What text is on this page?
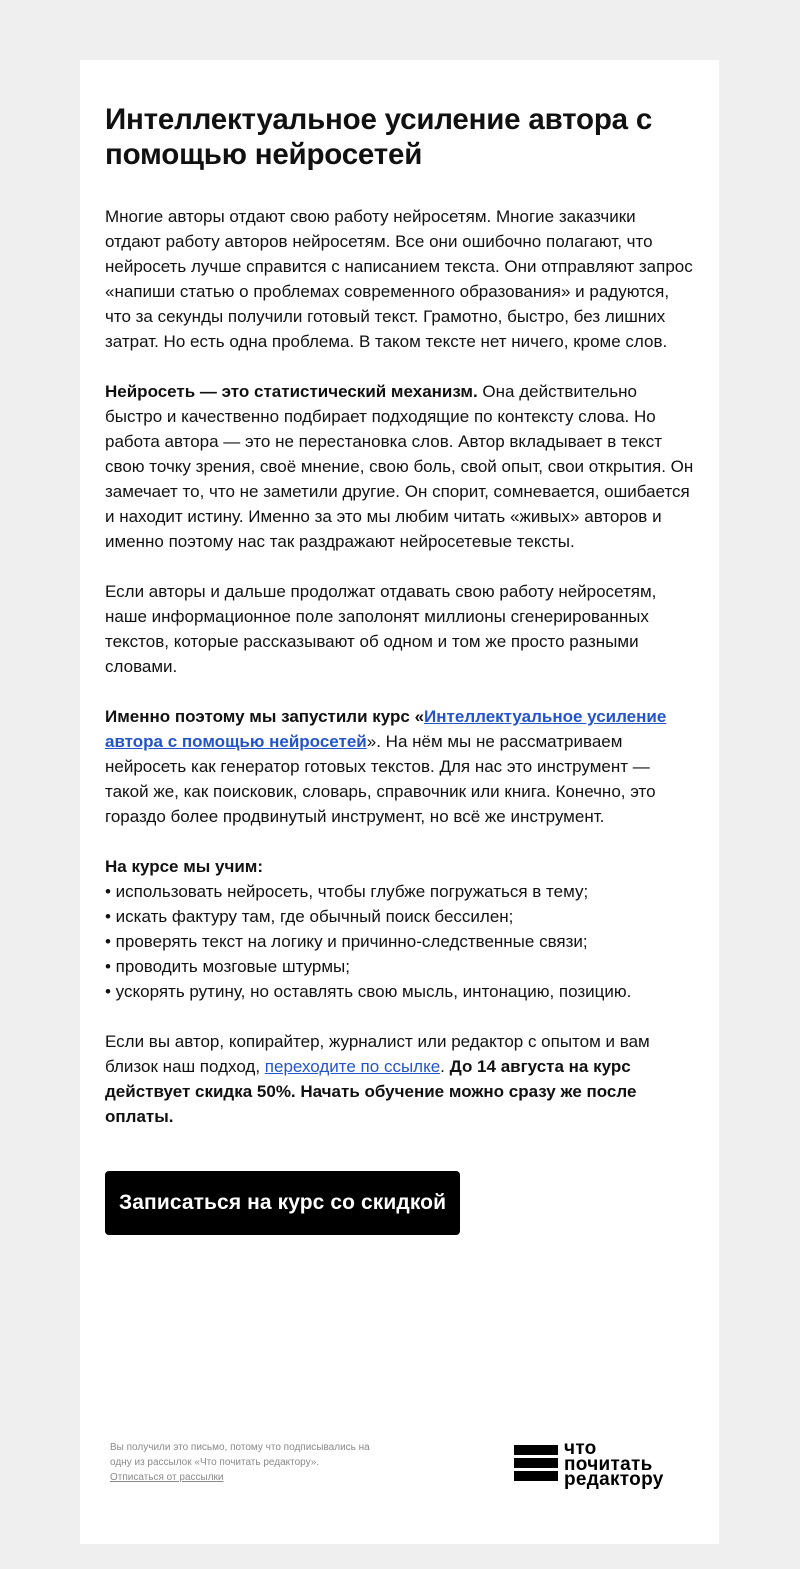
Интеллектуальное усиление автора с помощью нейросетей

Многие авторы отдают свою работу нейросетям. Многие заказчики отдают работу авторов нейросетям. Все они ошибочно полагают, что нейросеть лучше справится с написанием текста. Они отправляют запрос «напиши статью о проблемах современного образования» и радуются, что за секунды получили готовый текст. Грамотно, быстро, без лишних затрат. Но есть одна проблема. В таком тексте нет ничего, кроме слов.

Нейросеть — это статистический механизм. Она действительно быстро и качественно подбирает подходящие по контексту слова. Но работа автора — это не перестановка слов. Автор вкладывает в текст свою точку зрения, своё мнение, свою боль, свой опыт, свои открытия. Он замечает то, что не заметили другие. Он спорит, сомневается, ошибается и находит истину. Именно за это мы любим читать «живых» авторов и именно поэтому нас так раздражают нейросетевые тексты.

Если авторы и дальше продолжат отдавать свою работу нейросетям, наше информационное поле заполонят миллионы сгенерированных текстов, которые рассказывают об одном и том же просто разными словами.

Именно поэтому мы запустили курс «Интеллектуальное усиление автора с помощью нейросетей». На нём мы не рассматриваем нейросеть как генератор готовых текстов. Для нас это инструмент — такой же, как поисковик, словарь, справочник или книга. Конечно, это гораздо более продвинутый инструмент, но всё же инструмент.

На курсе мы учим:
• использовать нейросеть, чтобы глубже погружаться в тему;
• искать фактуру там, где обычный поиск бессилен;
• проверять текст на логику и причинно-следственные связи;
• проводить мозговые штурмы;
• ускорять рутину, но оставлять свою мысль, интонацию, позицию.

Если вы автор, копирайтер, журналист или редактор с опытом и вам близок наш подход, переходите по ссылке. До 14 августа на курс действует скидка 50%. Начать обучение можно сразу же после оплаты.

Записаться на курс со скидкой
Вы получили это письмо, потому что подписывались на одну из рассылок «Что почитать редактору».
Отписаться от рассылки
что
почитать
редактору
